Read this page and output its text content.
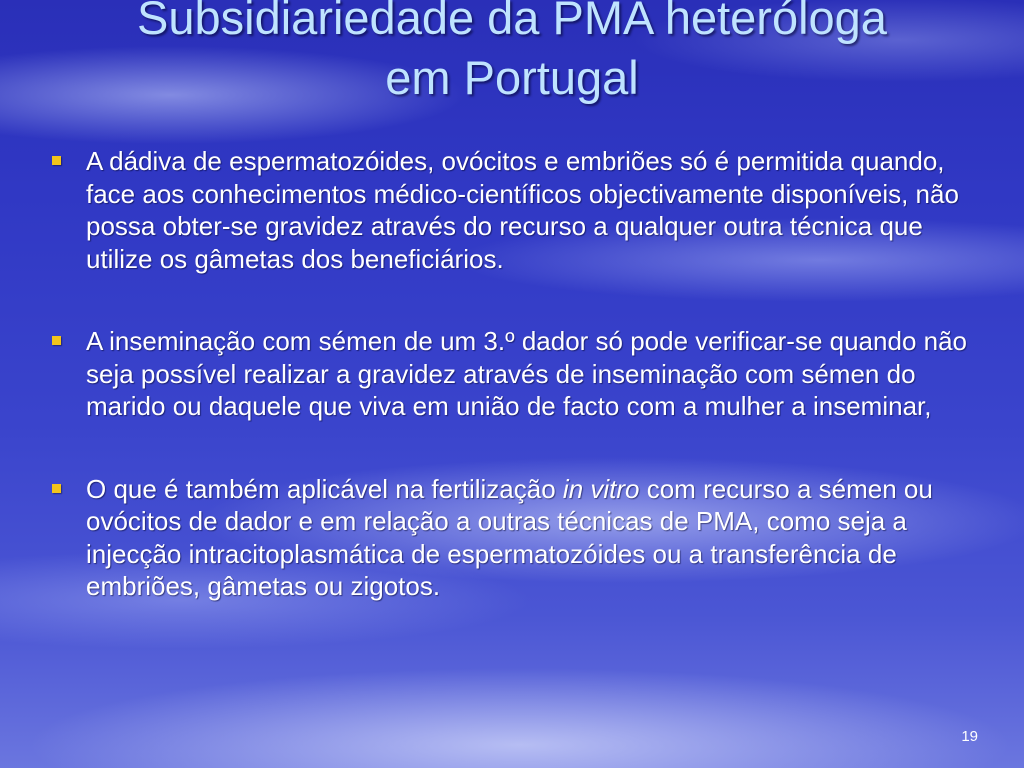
Subsidiariedade da PMA heteróloga
em Portugal
A dádiva de espermatozóides, ovócitos e embriões só é permitida quando, face aos conhecimentos médico-científicos objectivamente disponíveis, não possa obter-se gravidez através do recurso a qualquer outra técnica que utilize os gâmetas dos beneficiários.
A inseminação com sémen de um 3.º dador só pode verificar-se quando não seja possível realizar a gravidez através de inseminação com sémen do marido ou daquele que viva em união de facto com a mulher a inseminar,
O que é também aplicável na fertilização in vitro com recurso a sémen ou ovócitos de dador e em relação a outras técnicas de PMA, como seja a injecção intracitoplasmática de espermatozóides ou a transferência de embriões, gâmetas ou zigotos.
19
